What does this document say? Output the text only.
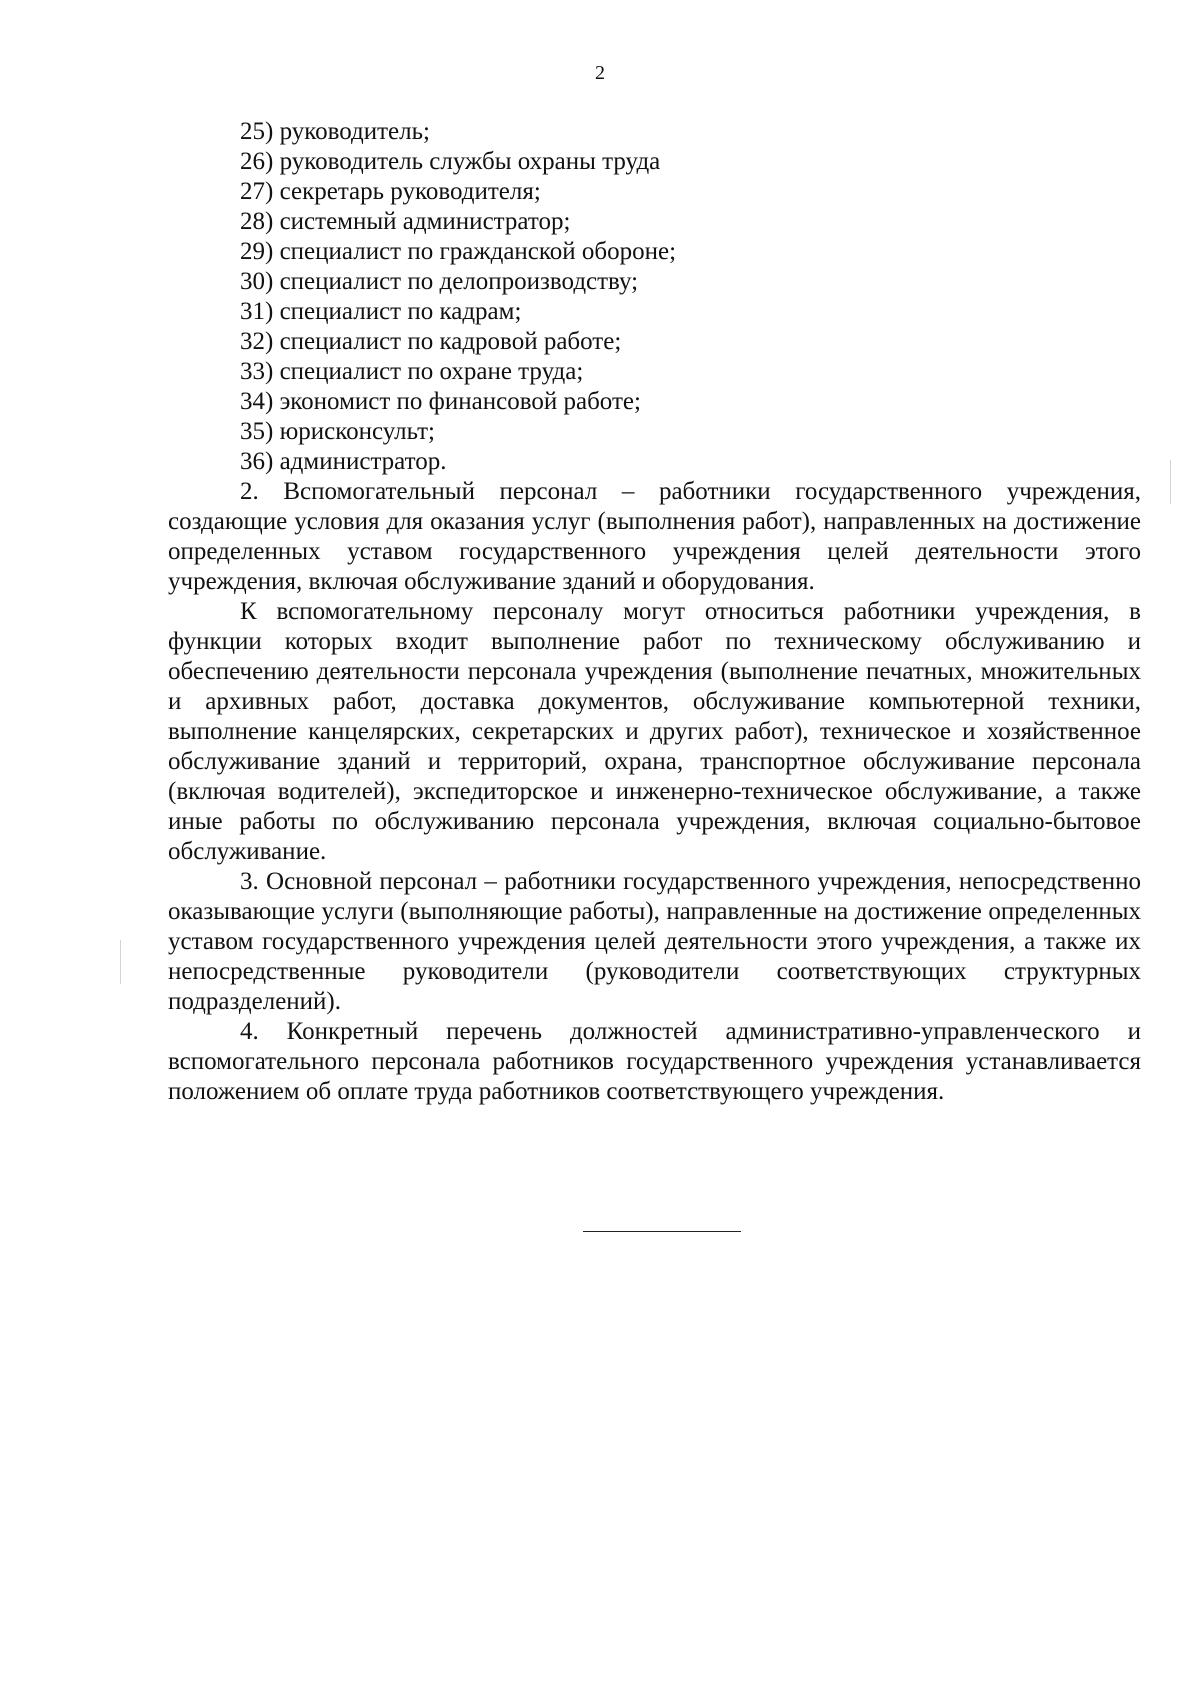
2
25) руководитель;
26) руководитель службы охраны труда
27) секретарь руководителя;
28) системный администратор;
29) специалист по гражданской обороне;
30) специалист по делопроизводству;
31) специалист по кадрам;
32) специалист по кадровой работе;
33) специалист по охране труда;
34) экономист по финансовой работе;
35) юрисконсульт;
36) администратор.

2. Вспомогательный персонал – работники государственного учреждения, создающие условия для оказания услуг (выполнения работ), направленных на достижение определенных уставом государственного учреждения целей деятельности этого учреждения, включая обслуживание зданий и оборудования.

К вспомогательному персоналу могут относиться работники учреждения, в функции которых входит выполнение работ по техническому обслуживанию и обеспечению деятельности персонала учреждения (выполнение печатных, множительных и архивных работ, доставка документов, обслуживание компьютерной техники, выполнение канцелярских, секретарских и других работ), техническое и хозяйственное обслуживание зданий и территорий, охрана, транспортное обслуживание персонала (включая водителей), экспедиторское и инженерно-техническое обслуживание, а также иные работы по обслуживанию персонала учреждения, включая социально-бытовое обслуживание.

3. Основной персонал – работники государственного учреждения, непосредственно оказывающие услуги (выполняющие работы), направленные на достижение определенных уставом государственного учреждения целей деятельности этого учреждения, а также их непосредственные руководители (руководители соответствующих структурных подразделений).

4. Конкретный перечень должностей административно-управленческого и вспомогательного персонала работников государственного учреждения устанавливается положением об оплате труда работников соответствующего учреждения.
